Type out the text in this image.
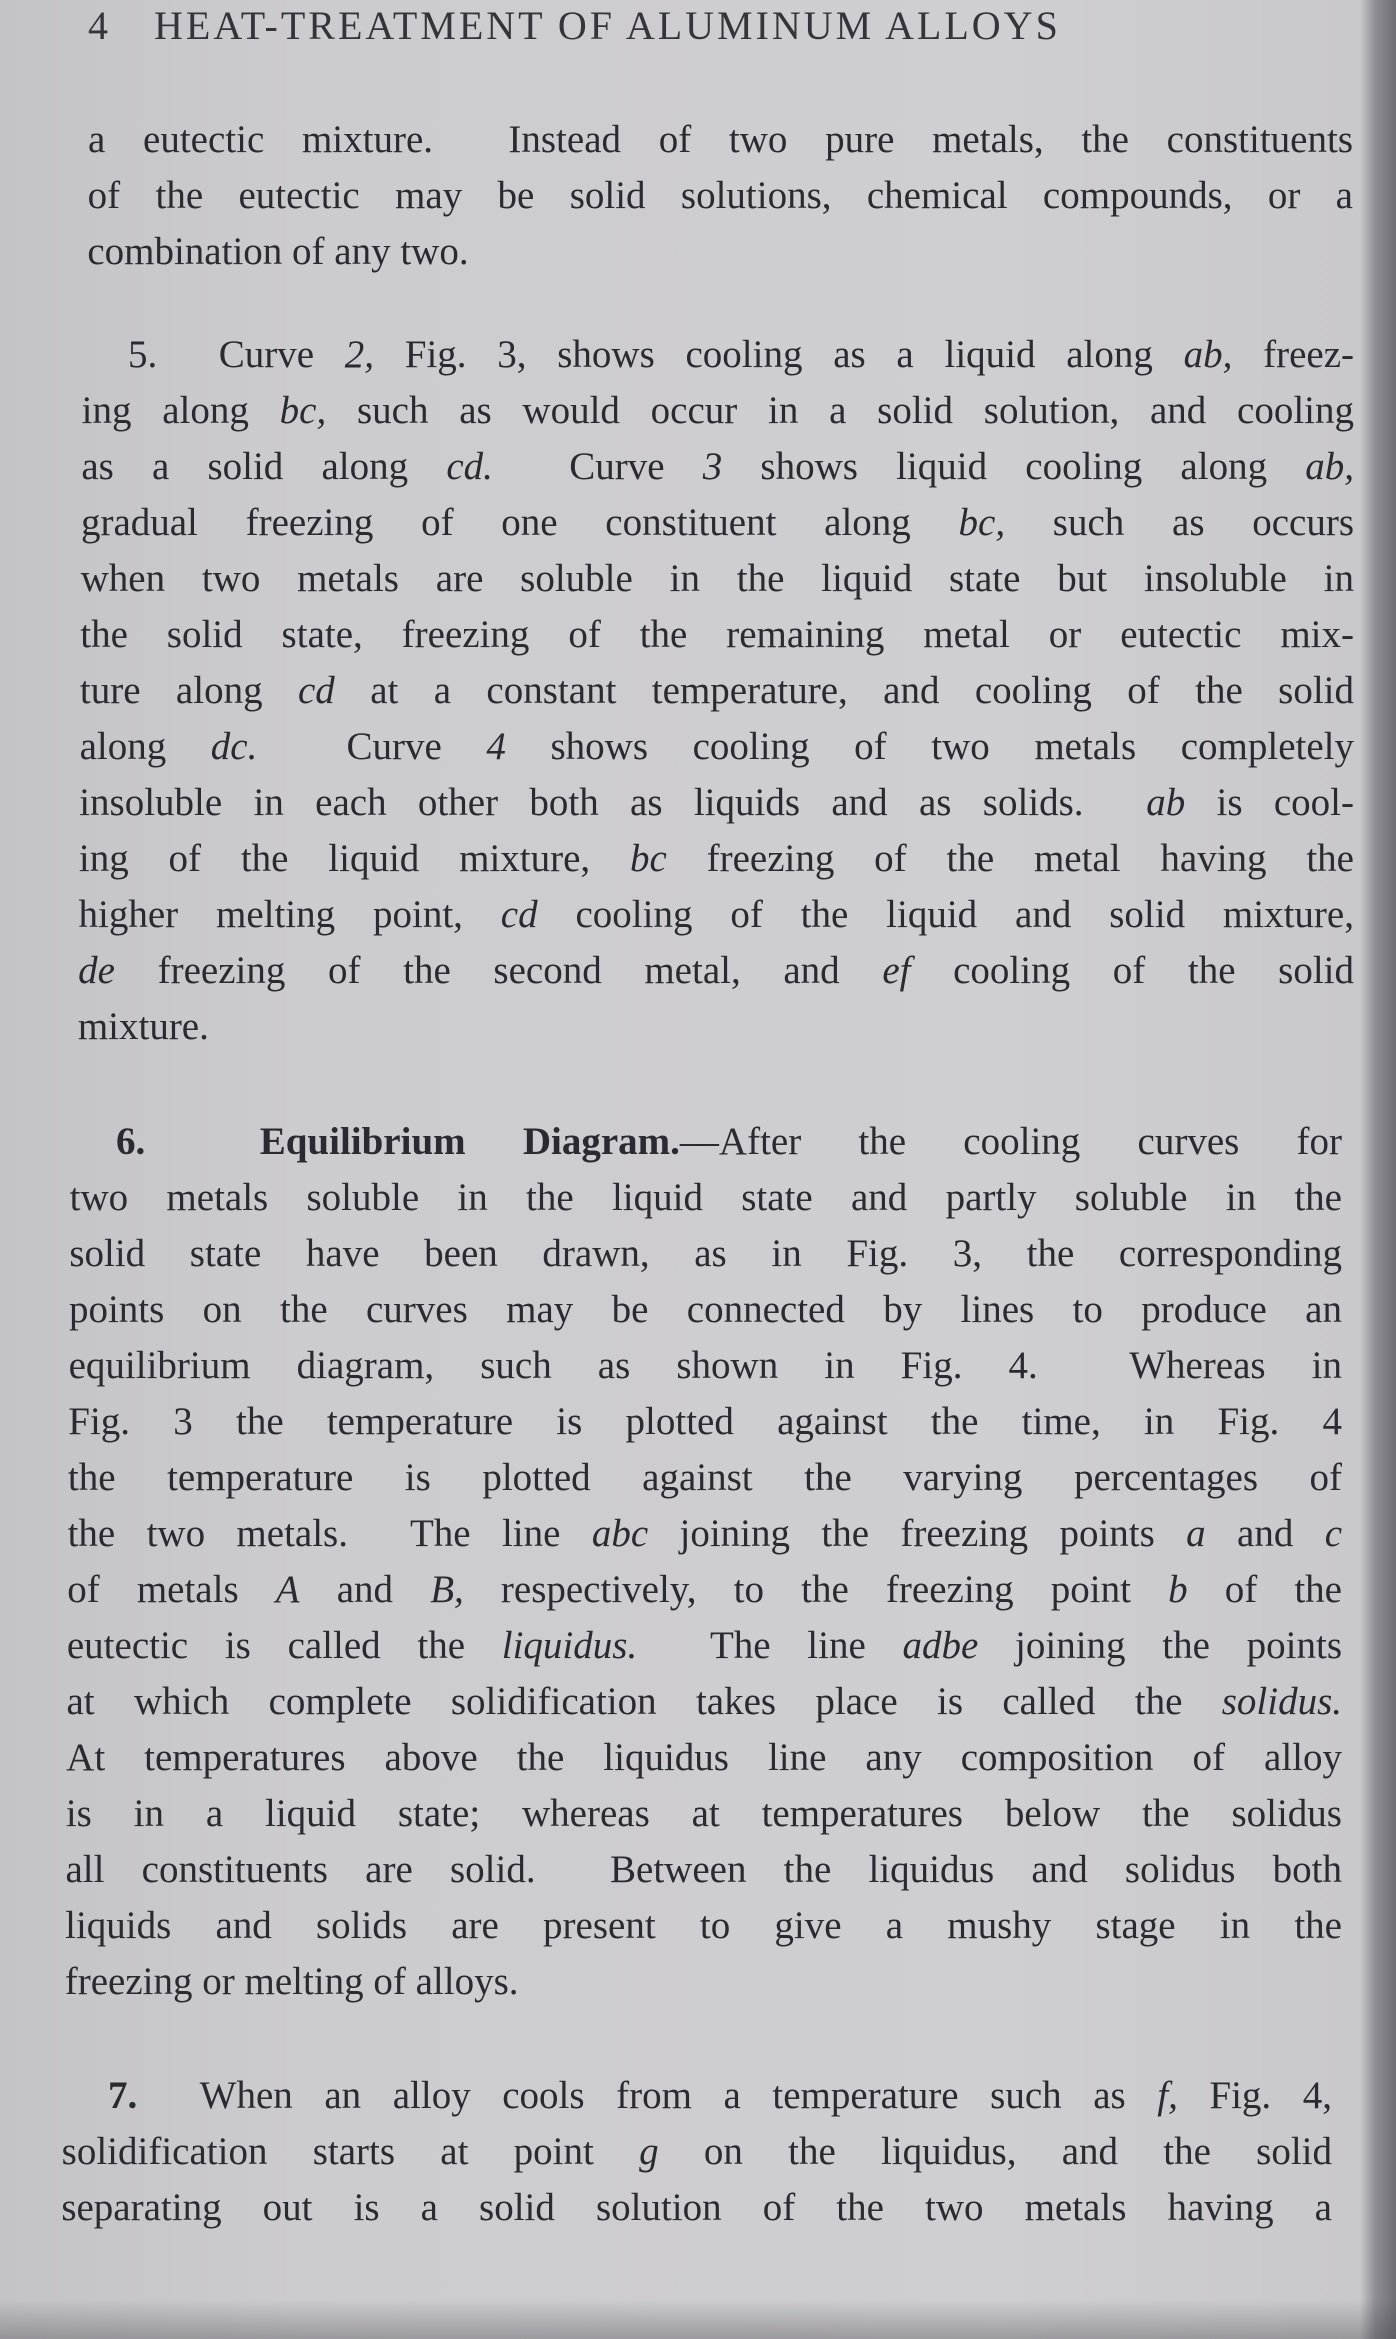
4 HEAT-TREATMENT OF ALUMINUM ALLOYS
a eutectic mixture.  Instead of two pure metals, the constituents
of the eutectic may be solid solutions, chemical compounds, or a
combination of any two.
5.  Curve 2, Fig. 3, shows cooling as a liquid along ab, freez-
ing along bc, such as would occur in a solid solution, and cooling
as a solid along cd.  Curve 3 shows liquid cooling along ab,
gradual freezing of one constituent along bc, such as occurs
when two metals are soluble in the liquid state but insoluble in
the solid state, freezing of the remaining metal or eutectic mix-
ture along cd at a constant temperature, and cooling of the solid
along dc.  Curve 4 shows cooling of two metals completely
insoluble in each other both as liquids and as solids.  ab is cool-
ing of the liquid mixture, bc freezing of the metal having the
higher melting point, cd cooling of the liquid and solid mixture,
de freezing of the second metal, and ef cooling of the solid
mixture.
6.	Equilibrium Diagram.—After the cooling curves for
two metals soluble in the liquid state and partly soluble in the
solid state have been drawn, as in Fig. 3, the corresponding
points on the curves may be connected by lines to produce an
equilibrium diagram, such as shown in Fig. 4.  Whereas in
Fig. 3 the temperature is plotted against the time, in Fig. 4
the temperature is plotted against the varying percentages of
the two metals.  The line abc joining the freezing points a and c
of metals A and B, respectively, to the freezing point b of the
eutectic is called the liquidus.  The line adbe joining the points
at which complete solidification takes place is called the solidus.
At temperatures above the liquidus line any composition of alloy
is in a liquid state; whereas at temperatures below the solidus
all constituents are solid.  Between the liquidus and solidus both
liquids and solids are present to give a mushy stage in the
freezing or melting of alloys.
7.  When an alloy cools from a temperature such as f, Fig. 4,
solidification starts at point g on the liquidus, and the solid
separating out is a solid solution of the two metals having a
